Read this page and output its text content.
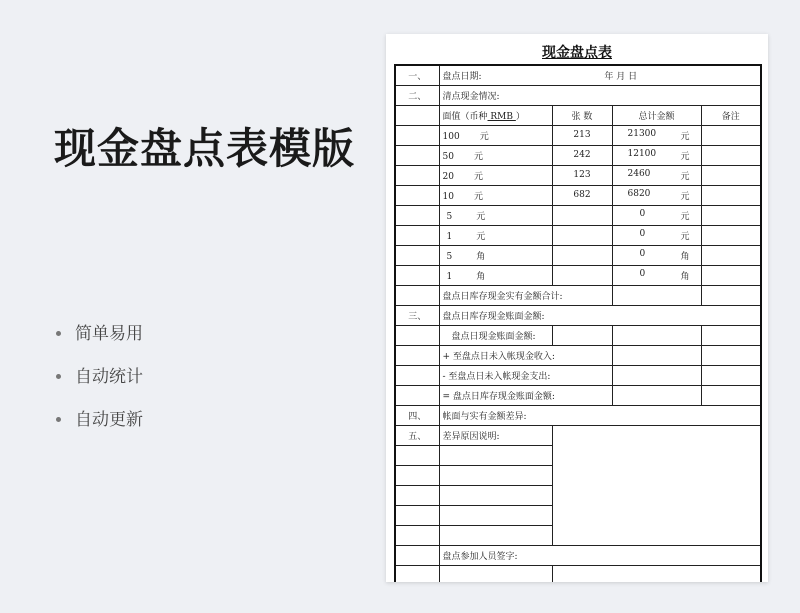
现金盘点表模版
简单易用
自动统计
自动更新
现金盘点表
一、	盘点日期: 年 月 日			
二、	清点现金情况:			
	面值（币种 RMB ）	张 数	总计金额	备注
	100 元	213	21300 元	

	50 元	242	12100 元	

	20 元	123	2460 元	

	10 元	682	6820 元	

	5 元		0 元	

	1 元		0 元	

	5 角		0 角	

	1 角		0 角	

	盘点日库存现金实有金额合计:			
三、	盘点日库存现金账面金额:			
	盘点日现金账面金额:			
	+ 至盘点日未入帐现金收入:			
	- 至盘点日未入帐现金支出:			
	= 盘点日库存现金账面金额:			
四、	帐面与实有金额差异:			
五、	差异原因说明:			

	盘点参加人员签字:			
